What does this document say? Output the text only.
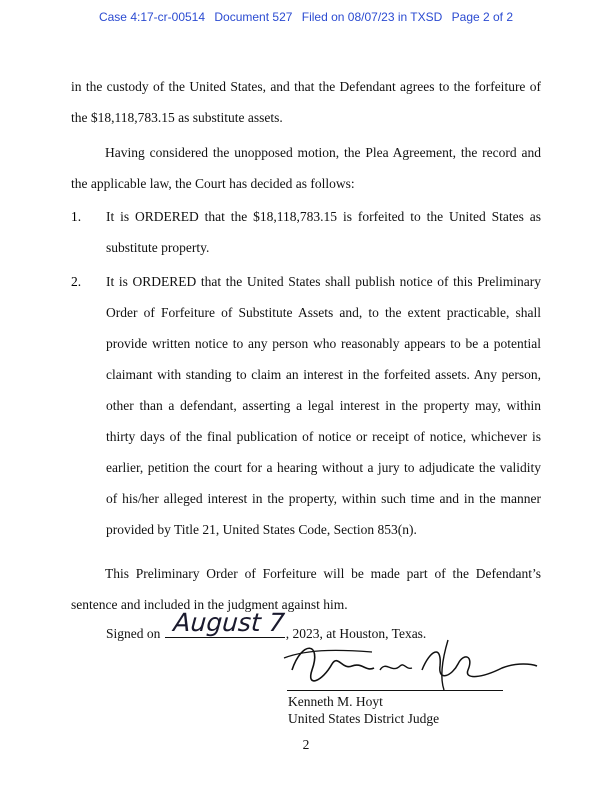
Case 4:17-cr-00514 Document 527 Filed on 08/07/23 in TXSD Page 2 of 2
in the custody of the United States, and that the Defendant agrees to the forfeiture of the $18,118,783.15 as substitute assets.
Having considered the unopposed motion, the Plea Agreement, the record and the applicable law, the Court has decided as follows:
1. It is ORDERED that the $18,118,783.15 is forfeited to the United States as substitute property.
2. It is ORDERED that the United States shall publish notice of this Preliminary Order of Forfeiture of Substitute Assets and, to the extent practicable, shall provide written notice to any person who reasonably appears to be a potential claimant with standing to claim an interest in the forfeited assets. Any person, other than a defendant, asserting a legal interest in the property may, within thirty days of the final publication of notice or receipt of notice, whichever is earlier, petition the court for a hearing without a jury to adjudicate the validity of his/her alleged interest in the property, within such time and in the manner provided by Title 21, United States Code, Section 853(n).
This Preliminary Order of Forfeiture will be made part of the Defendant’s sentence and included in the judgment against him.
Signed on August 7 , 2023, at Houston, Texas.
Kenneth M. Hoyt
United States District Judge
2
